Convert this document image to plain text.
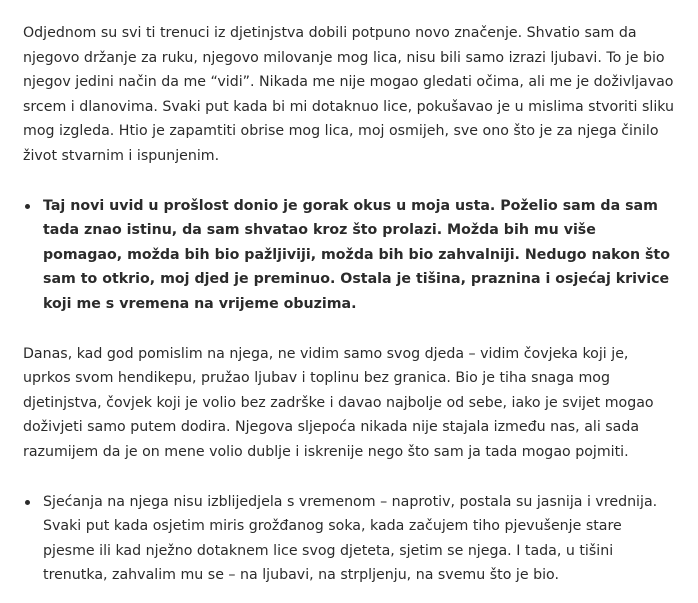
Odjednom su svi ti trenuci iz djetinjstva dobili potpuno novo značenje. Shvatio sam da njegovo držanje za ruku, njegovo milovanje mog lica, nisu bili samo izrazi ljubavi. To je bio njegov jedini način da me “vidi”. Nikada me nije mogao gledati očima, ali me je doživljavao srcem i dlanovima. Svaki put kada bi mi dotaknuo lice, pokušavao je u mislima stvoriti sliku mog izgleda. Htio je zapamtiti obrise mog lica, moj osmijeh, sve ono što je za njega činilo život stvarnim i ispunjenim.

Taj novi uvid u prošlost donio je gorak okus u moja usta. Poželio sam da sam tada znao istinu, da sam shvatao kroz što prolazi. Možda bih mu više pomagao, možda bih bio pažljiviji, možda bih bio zahvalniji. Nedugo nakon što sam to otkrio, moj djed je preminuo. Ostala je tišina, praznina i osjećaj krivice koji me s vremena na vrijeme obuzima.

Danas, kad god pomislim na njega, ne vidim samo svog djeda – vidim čovjeka koji je, uprkos svom hendikepu, pružao ljubav i toplinu bez granica. Bio je tiha snaga mog djetinjstva, čovjek koji je volio bez zadrške i davao najbolje od sebe, iako je svijet mogao doživjeti samo putem dodira. Njegova sljepoća nikada nije stajala između nas, ali sada razumijem da je on mene volio dublje i iskrenije nego što sam ja tada mogao pojmiti.

Sjećanja na njega nisu izblijedjela s vremenom – naprotiv, postala su jasnija i vrednija. Svaki put kada osjetim miris grožđanog soka, kada začujem tiho pjevušenje stare pjesme ili kad nježno dotaknem lice svog djeteta, sjetim se njega. I tada, u tišini trenutka, zahvalim mu se – na ljubavi, na strpljenju, na svemu što je bio.
